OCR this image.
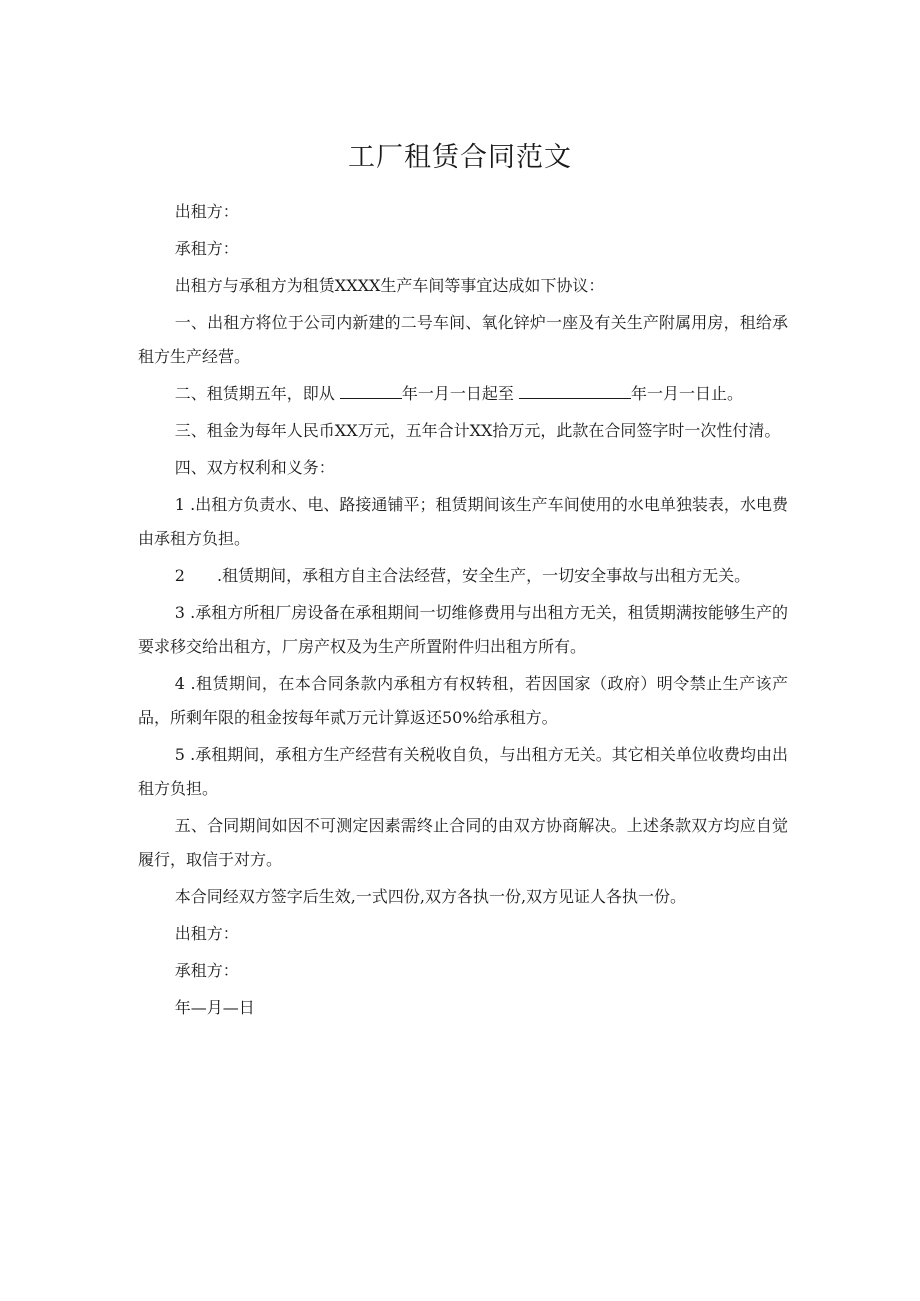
工厂租赁合同范文

出租方：

承租方：

出租方与承租方为租赁XXXX生产车间等事宜达成如下协议：

一、出租方将位于公司内新建的二号车间、氧化锌炉一座及有关生产附属用房，租给承租方生产经营。

二、租赁期五年，即从	年一月一日起至	年一月一日止。

三、租金为每年人民币XX万元，五年合计XX拾万元，此款在合同签字时一次性付清。

四、双方权利和义务：

1 .出租方负责水、电、路接通铺平；租赁期间该生产车间使用的水电单独装表，水电费由承租方负担。

2　　.租赁期间，承租方自主合法经营，安全生产，一切安全事故与出租方无关。

3 .承租方所租厂房设备在承租期间一切维修费用与出租方无关，租赁期满按能够生产的要求移交给出租方，厂房产权及为生产所置附件归出租方所有。

4 .租赁期间，在本合同条款内承租方有权转租，若因国家（政府）明令禁止生产该产品，所剩年限的租金按每年贰万元计算返还50%给承租方。

5 .承租期间，承租方生产经营有关税收自负，与出租方无关。其它相关单位收费均由出租方负担。

五、合同期间如因不可测定因素需终止合同的由双方协商解决。上述条款双方均应自觉履行，取信于对方。

本合同经双方签字后生效,一式四份,双方各执一份,双方见证人各执一份。

出租方：

承租方：

年—月—日
